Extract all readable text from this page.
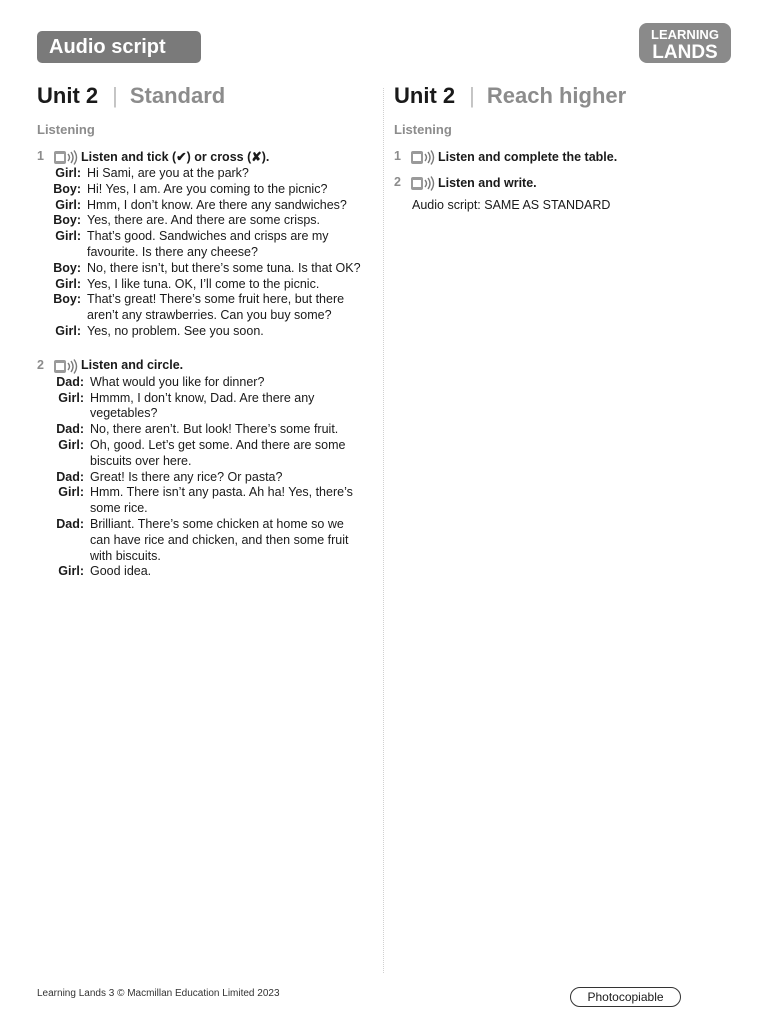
Audio script
LEARNING
LANDS
Unit 2 | Standard
Listening
1	Listen and tick (✔) or cross (✘).
Girl: Hi Sami, are you at the park?
Boy: Hi! Yes, I am. Are you coming to the picnic?
Girl: Hmm, I don’t know. Are there any sandwiches?
Boy: Yes, there are. And there are some crisps.
Girl: That’s good. Sandwiches and crisps are my favourite. Is there any cheese?
Boy: No, there isn’t, but there’s some tuna. Is that OK?
Girl: Yes, I like tuna. OK, I’ll come to the picnic.
Boy: That’s great! There’s some fruit here, but there aren’t any strawberries. Can you buy some?
Girl: Yes, no problem. See you soon.
2	Listen and circle.
Dad: What would you like for dinner?
Girl: Hmmm, I don’t know, Dad. Are there any vegetables?
Dad: No, there aren’t. But look! There’s some fruit.
Girl: Oh, good. Let’s get some. And there are some biscuits over here.
Dad: Great! Is there any rice? Or pasta?
Girl: Hmm. There isn’t any pasta. Ah ha! Yes, there’s some rice.
Dad: Brilliant. There’s some chicken at home so we can have rice and chicken, and then some fruit with biscuits.
Girl: Good idea.
Unit 2 | Reach higher
Listening
1	Listen and complete the table.
2	Listen and write.
Audio script: SAME AS STANDARD
Learning Lands 3 © Macmillan Education Limited 2023	Photocopiable
